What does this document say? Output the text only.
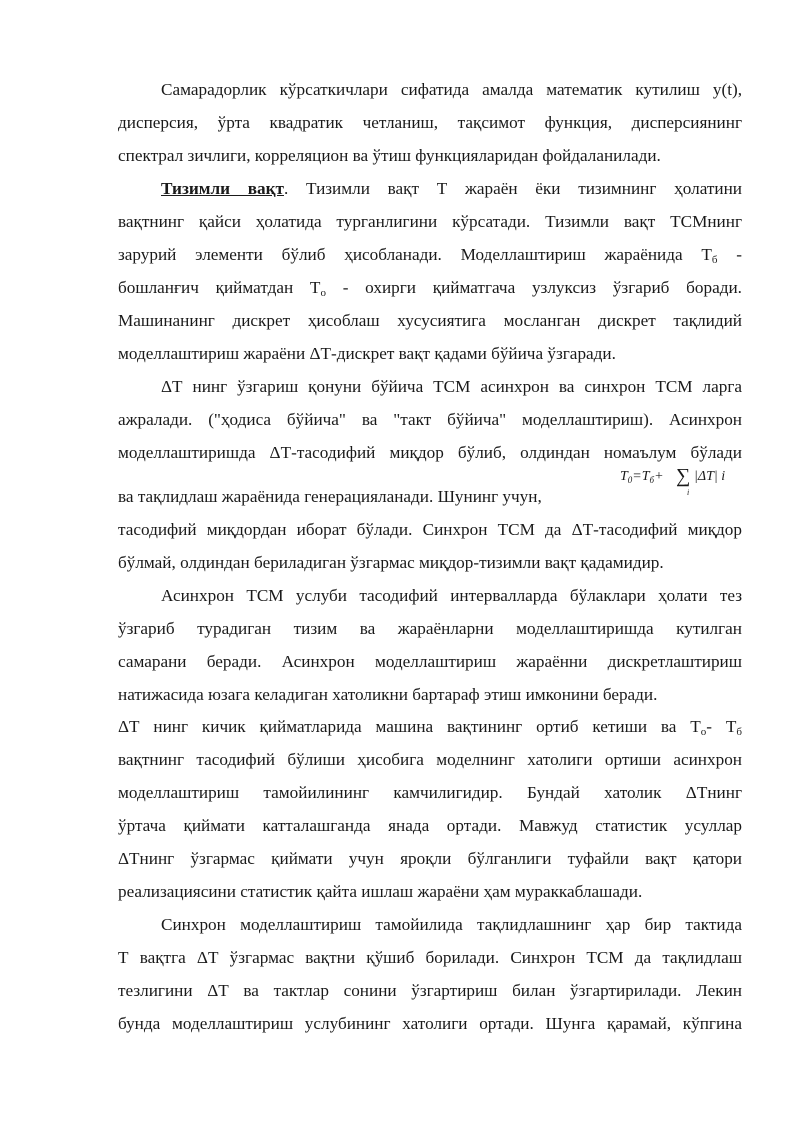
Самарадорлик кўрсаткичлари сифатида амалда математик кутилиш у(t),
дисперсия, ўрта квадратик четланиш, тақсимот функция, дисперсиянинг
спектрал зичлиги, корреляцион ва ўтиш функцияларидан фойдаланилади.
Тизимли вақт. Тизимли вақт Т жараён ёки тизимнинг ҳолатини
вақтнинг қайси ҳолатида турганлигини кўрсатади. Тизимли вақт ТСМнинг
зарурий элементи бўлиб ҳисобланади. Моделлаштириш жараёнида $T_б$ -
бошланғич қийматдан $T_о$ - охирги қийматгача узлуксиз ўзгариб боради.
Машинанинг дискрет ҳисоблаш хусусиятига мосланган дискрет тақлидий
моделлаштириш жараёни ΔТ-дискрет вақт қадами бўйича ўзгаради.
ΔТ нинг ўзгариш қонуни бўйича ТСМ асинхрон ва синхрон ТСМ ларга
ажралади. ("ҳодиса бўйича" ва "такт бўйича" моделлаштириш). Асинхрон
моделлаштиришда ΔТ-тасодифий миқдор бўлиб, олдиндан номаълум бўлади
ва тақлидлаш жараёнида генерацияланади. Шунинг учун,
$T_0=T_б+$ ∑
i
|ΔT| i
тасодифий миқдордан иборат бўлади. Синхрон ТСМ да ΔТ-тасодифий миқдор
бўлмай, олдиндан бериладиган ўзгармас миқдор-тизимли вақт қадамидир.
Асинхрон ТСМ услуби тасодифий интервалларда бўлаклари ҳолати тез
ўзгариб турадиган тизим ва жараёнларни моделлаштиришда кутилган
самарани беради. Асинхрон моделлаштириш жараённи дискретлаштириш
натижасида юзага келадиган хатоликни бартараф этиш имконини беради.
ΔТ нинг кичик қийматларида машина вақтининг ортиб кетиши ва $T_о-$ $T_б$
вақтнинг тасодифий бўлиши ҳисобига моделнинг хатолиги ортиши асинхрон
моделлаштириш тамойилининг камчилигидир. Бундай хатолик ΔТнинг
ўртача қиймати катталашганда янада ортади. Мавжуд статистик усуллар
ΔТнинг ўзгармас қиймати учун яроқли бўлганлиги туфайли вақт қатори
реализациясини статистик қайта ишлаш жараёни ҳам мураккаблашади.
Синхрон моделлаштириш тамойилида тақлидлашнинг ҳар бир тактида
Т вақтга ΔТ ўзгармас вақтни қўшиб борилади. Синхрон ТСМ да тақлидлаш
тезлигини ΔТ ва тактлар сонини ўзгартириш билан ўзгартирилади. Лекин
бунда моделлаштириш услубининг хатолиги ортади. Шунга қарамай, кўпгина
